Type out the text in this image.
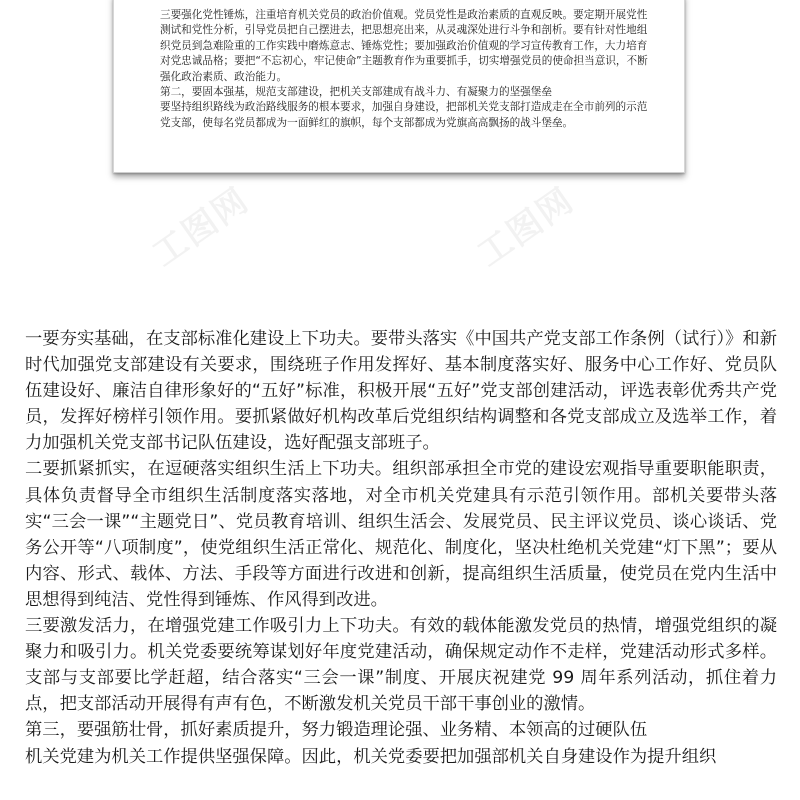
三要强化党性锤炼，注重培育机关党员的政治价值观。党员党性是政治素质的直观反映。要定期开展党性测试和党性分析，引导党员把自己摆进去，把思想亮出来，从灵魂深处进行斗争和剖析。要有针对性地组织党员到急难险重的工作实践中磨炼意志、锤炼党性；要加强政治价值观的学习宣传教育工作，大力培育对党忠诚品格；要把“不忘初心，牢记使命”主题教育作为重要抓手，切实增强党员的使命担当意识，不断强化政治素质、政治能力。

第二，要固本强基，规范支部建设，把机关支部建成有战斗力、有凝聚力的坚强堡垒

要坚持组织路线为政治路线服务的根本要求，加强自身建设，把部机关党支部打造成走在全市前列的示范党支部，使每名党员都成为一面鲜红的旗帜，每个支部都成为党旗高高飘扬的战斗堡垒。

工图网	工图网

一要夯实基础，在支部标准化建设上下功夫。要带头落实《中国共产党支部工作条例（试行）》和新时代加强党支部建设有关要求，围绕班子作用发挥好、基本制度落实好、服务中心工作好、党员队伍建设好、廉洁自律形象好的“五好”标准，积极开展“五好”党支部创建活动，评选表彰优秀共产党员，发挥好榜样引领作用。要抓紧做好机构改革后党组织结构调整和各党支部成立及选举工作，着力加强机关党支部书记队伍建设，选好配强支部班子。

二要抓紧抓实，在逗硬落实组织生活上下功夫。组织部承担全市党的建设宏观指导重要职能职责，具体负责督导全市组织生活制度落实落地，对全市机关党建具有示范引领作用。部机关要带头落实“三会一课”“主题党日”、党员教育培训、组织生活会、发展党员、民主评议党员、谈心谈话、党务公开等“八项制度”，使党组织生活正常化、规范化、制度化，坚决杜绝机关党建“灯下黑”；要从内容、形式、载体、方法、手段等方面进行改进和创新，提高组织生活质量，使党员在党内生活中思想得到纯洁、党性得到锤炼、作风得到改进。

三要激发活力，在增强党建工作吸引力上下功夫。有效的载体能激发党员的热情，增强党组织的凝聚力和吸引力。机关党委要统筹谋划好年度党建活动，确保规定动作不走样，党建活动形式多样。支部与支部要比学赶超，结合落实“三会一课”制度、开展庆祝建党 99 周年系列活动，抓住着力点，把支部活动开展得有声有色，不断激发机关党员干部干事创业的激情。

第三，要强筋壮骨，抓好素质提升，努力锻造理论强、业务精、本领高的过硬队伍

机关党建为机关工作提供坚强保障。因此，机关党委要把加强部机关自身建设作为提升组织
